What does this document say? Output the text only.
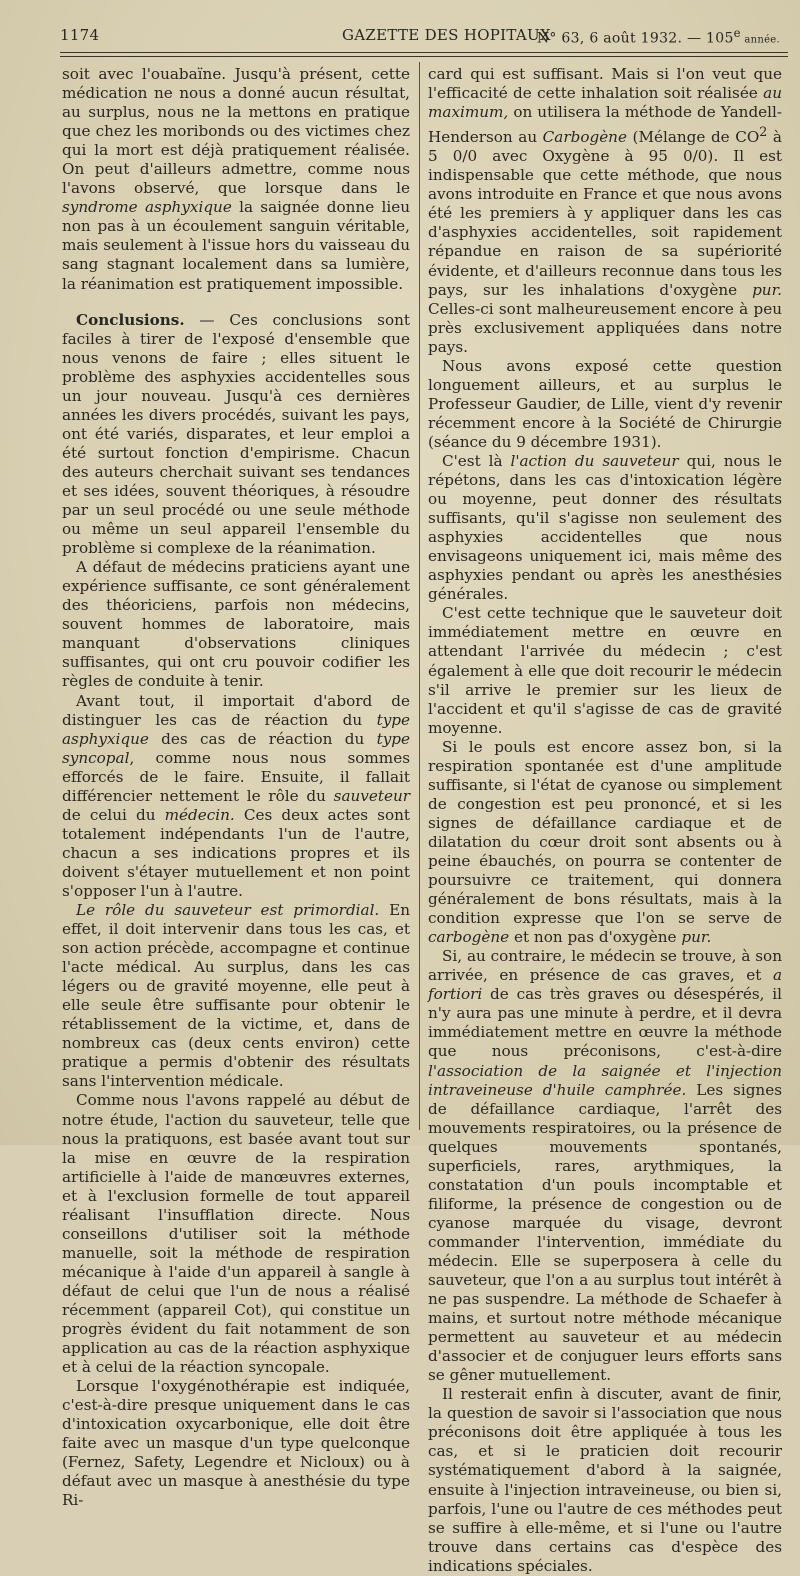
1174	GAZETTE DES HOPITAUX
N° 63, 6 août 1932. — 105e année.

soit avec l'ouabaïne. Jusqu'à présent, cette médication ne nous a donné aucun résultat, au surplus, nous ne la mettons en pratique que chez les moribonds ou des victimes chez qui la mort est déjà pratiquement réalisée. On peut d'ailleurs admettre, comme nous l'avons observé, que lorsque dans le syndrome asphyxique la saignée donne lieu non pas à un écoulement sanguin véritable, mais seulement à l'issue hors du vaisseau du sang stagnant localement dans sa lumière, la réanimation est pratiquement impossible.

Conclusions. — Ces conclusions sont faciles à tirer de l'exposé d'ensemble que nous venons de faire ; elles situent le problème des asphyxies accidentelles sous un jour nouveau. Jusqu'à ces dernières années les divers procédés, suivant les pays, ont été variés, disparates, et leur emploi a été surtout fonction d'empirisme. Chacun des auteurs cherchait suivant ses tendances et ses idées, souvent théoriques, à résoudre par un seul procédé ou une seule méthode ou même un seul appareil l'ensemble du problème si complexe de la réanimation.

A défaut de médecins praticiens ayant une expérience suffisante, ce sont généralement des théoriciens, parfois non médecins, souvent hommes de laboratoire, mais manquant d'observations cliniques suffisantes, qui ont cru pouvoir codifier les règles de conduite à tenir.

Avant tout, il importait d'abord de distinguer les cas de réaction du type asphyxique des cas de réaction du type syncopal, comme nous nous sommes efforcés de le faire. Ensuite, il fallait différencier nettement le rôle du sauveteur de celui du médecin. Ces deux actes sont totalement indépendants l'un de l'autre, chacun a ses indications propres et ils doivent s'étayer mutuellement et non point s'opposer l'un à l'autre.

Le rôle du sauveteur est primordial. En effet, il doit intervenir dans tous les cas, et son action précède, accompagne et continue l'acte médical. Au surplus, dans les cas légers ou de gravité moyenne, elle peut à elle seule être suffisante pour obtenir le rétablissement de la victime, et, dans de nombreux cas (deux cents environ) cette pratique a permis d'obtenir des résultats sans l'intervention médicale.

Comme nous l'avons rappelé au début de notre étude, l'action du sauveteur, telle que nous la pratiquons, est basée avant tout sur la mise en œuvre de la respiration artificielle à l'aide de manœuvres externes, et à l'exclusion formelle de tout appareil réalisant l'insufflation directe. Nous conseillons d'utiliser soit la méthode manuelle, soit la méthode de respiration mécanique à l'aide d'un appareil à sangle à défaut de celui que l'un de nous a réalisé récemment (appareil Cot), qui constitue un progrès évident du fait notamment de son application au cas de la réaction asphyxique et à celui de la réaction syncopale.

Lorsque l'oxygénothérapie est indiquée, c'est-à-dire presque uniquement dans le cas d'intoxication oxycarbonique, elle doit être faite avec un masque d'un type quelconque (Fernez, Safety, Legendre et Nicloux) ou à défaut avec un masque à anesthésie du type Ri-

card qui est suffisant. Mais si l'on veut que l'efficacité de cette inhalation soit réalisée au maximum, on utilisera la méthode de Yandell-Henderson au Carbogène (Mélange de $CO^2$ à 5 0/0 avec Oxygène à 95 0/0). Il est indispensable que cette méthode, que nous avons introduite en France et que nous avons été les premiers à y appliquer dans les cas d'asphyxies accidentelles, soit rapidement répandue en raison de sa supériorité évidente, et d'ailleurs reconnue dans tous les pays, sur les inhalations d'oxygène pur. Celles-ci sont malheureusement encore à peu près exclusivement appliquées dans notre pays.

Nous avons exposé cette question longuement ailleurs, et au surplus le Professeur Gaudier, de Lille, vient d'y revenir récemment encore à la Société de Chirurgie (séance du 9 décembre 1931).

C'est là l'action du sauveteur qui, nous le répétons, dans les cas d'intoxication légère ou moyenne, peut donner des résultats suffisants, qu'il s'agisse non seulement des asphyxies accidentelles que nous envisageons uniquement ici, mais même des asphyxies pendant ou après les anesthésies générales.

C'est cette technique que le sauveteur doit immédiatement mettre en œuvre en attendant l'arrivée du médecin ; c'est également à elle que doit recourir le médecin s'il arrive le premier sur les lieux de l'accident et qu'il s'agisse de cas de gravité moyenne.

Si le pouls est encore assez bon, si la respiration spontanée est d'une amplitude suffisante, si l'état de cyanose ou simplement de congestion est peu prononcé, et si les signes de défaillance cardiaque et de dilatation du cœur droit sont absents ou à peine ébauchés, on pourra se contenter de poursuivre ce traitement, qui donnera généralement de bons résultats, mais à la condition expresse que l'on se serve de carbogène et non pas d'oxygène pur.

Si, au contraire, le médecin se trouve, à son arrivée, en présence de cas graves, et a fortiori de cas très graves ou désespérés, il n'y aura pas une minute à perdre, et il devra immédiatement mettre en œuvre la méthode que nous préconisons, c'est-à-dire l'association de la saignée et l'injection intraveineuse d'huile camphrée. Les signes de défaillance cardiaque, l'arrêt des mouvements respiratoires, ou la présence de quelques mouvements spontanés, superficiels, rares, arythmiques, la constatation d'un pouls incomptable et filiforme, la présence de congestion ou de cyanose marquée du visage, devront commander l'intervention, immédiate du médecin. Elle se superposera à celle du sauveteur, que l'on a au surplus tout intérêt à ne pas suspendre. La méthode de Schaefer à mains, et surtout notre méthode mécanique permettent au sauveteur et au médecin d'associer et de conjuguer leurs efforts sans se gêner mutuellement.

Il resterait enfin à discuter, avant de finir, la question de savoir si l'association que nous préconisons doit être appliquée à tous les cas, et si le praticien doit recourir systématiquement d'abord à la saignée, ensuite à l'injection intraveineuse, ou bien si, parfois, l'une ou l'autre de ces méthodes peut se suffire à elle-même, et si l'une ou l'autre trouve dans certains cas d'espèce des indications spéciales.
